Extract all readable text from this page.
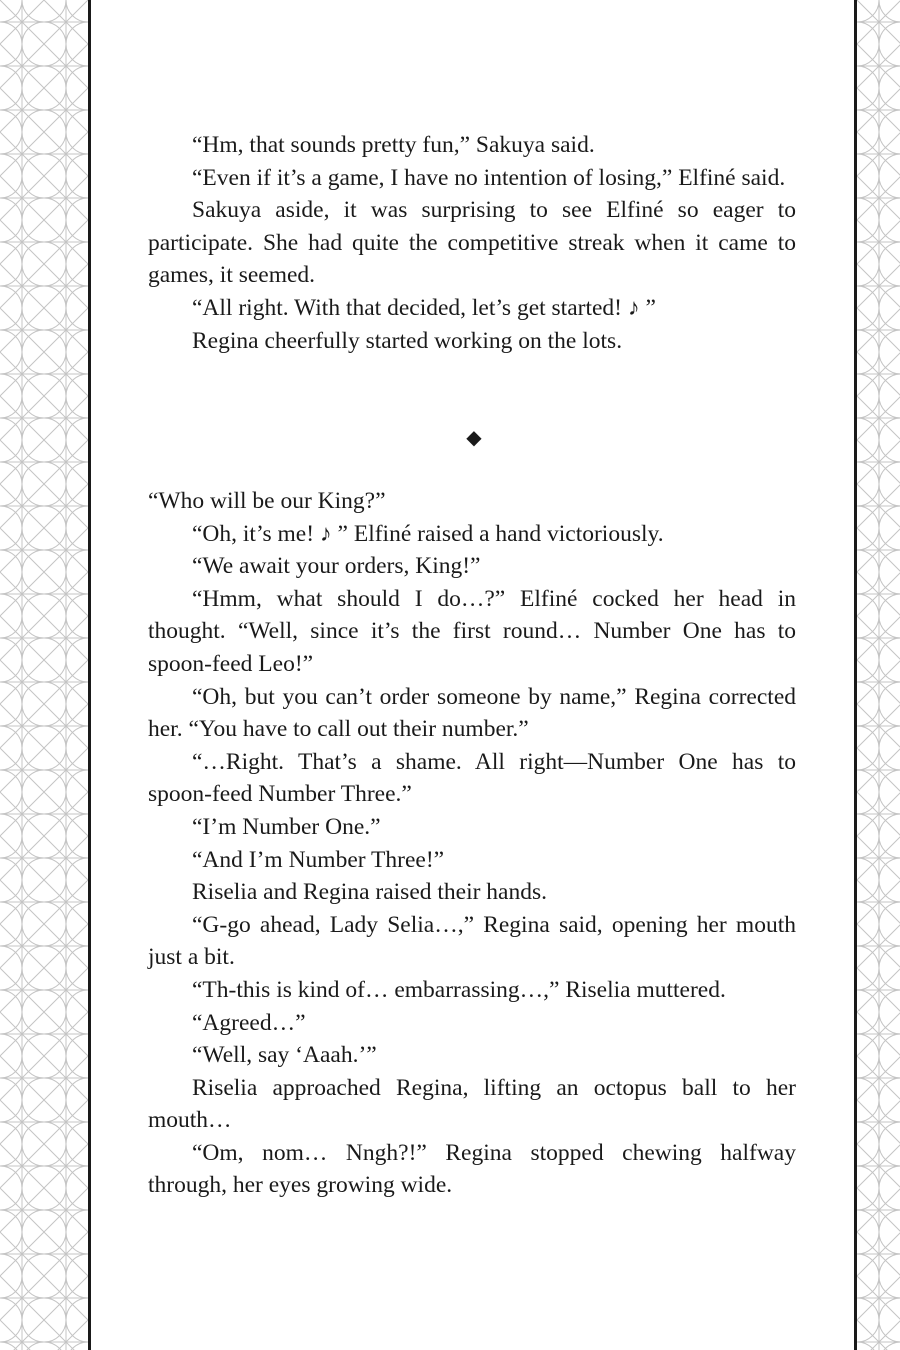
“Hm, that sounds pretty fun,” Sakuya said.

“Even if it’s a game, I have no intention of losing,” Elfiné said.

Sakuya aside, it was surprising to see Elfiné so eager to participate. She had quite the competitive streak when it came to games, it seemed.

“All right. With that decided, let’s get started! ♪ ”

Regina cheerfully started working on the lots.

◆

“Who will be our King?”

“Oh, it’s me! ♪ ” Elfiné raised a hand victoriously.

“We await your orders, King!”

“Hmm, what should I do…?” Elfiné cocked her head in thought. “Well, since it’s the first round… Number One has to spoon-feed Leo!”

“Oh, but you can’t order someone by name,” Regina corrected her. “You have to call out their number.”

“…Right. That’s a shame. All right—Number One has to spoon-feed Number Three.”

“I’m Number One.”

“And I’m Number Three!”

Riselia and Regina raised their hands.

“G-go ahead, Lady Selia…,” Regina said, opening her mouth just a bit.

“Th-this is kind of… embarrassing…,” Riselia muttered.

“Agreed…”

“Well, say ‘Aaah.’”

Riselia approached Regina, lifting an octopus ball to her mouth…

“Om, nom… Nngh?!” Regina stopped chewing halfway through, her eyes growing wide.
